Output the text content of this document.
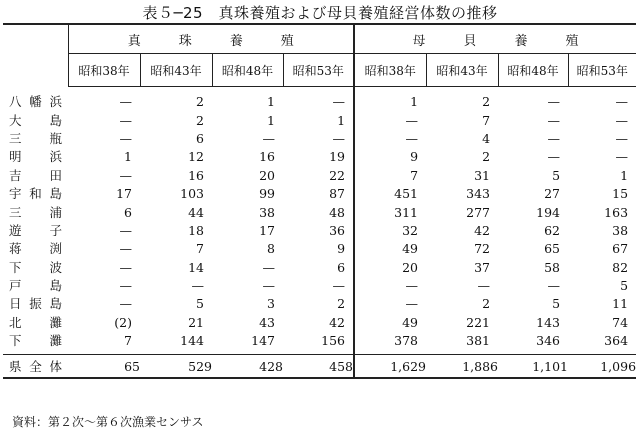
表５─25　真珠養殖および母貝養殖経営体数の推移
	真珠養殖				母貝養殖			
	昭和38年	昭和43年	昭和48年	昭和53年	昭和38年	昭和43年	昭和48年	昭和53年
八幡浜	—	2	1	—	1	2	—	—
大島	—	2	1	1	—	7	—	—
三瓶	—	6	—	—	—	4	—	—
明浜	1	12	16	19	9	2	—	—
吉田	—	16	20	22	7	31	5	1
宇和島	17	103	99	87	451	343	27	15
三浦	6	44	38	48	311	277	194	163
遊子	—	18	17	36	32	42	62	38
蒋渕	—	7	8	9	49	72	65	67
下波	—	14	—	6	20	37	58	82
戸島	—	—	—	—	—	—	—	5
日振島	—	5	3	2	—	2	5	11
北灘	(2)	21	43	42	49	221	143	74
下灘	7	144	147	156	378	381	346	364
県全体	65	529	428	458	1,629	1,886	1,101	1,096
資料：第２次～第６次漁業センサス
